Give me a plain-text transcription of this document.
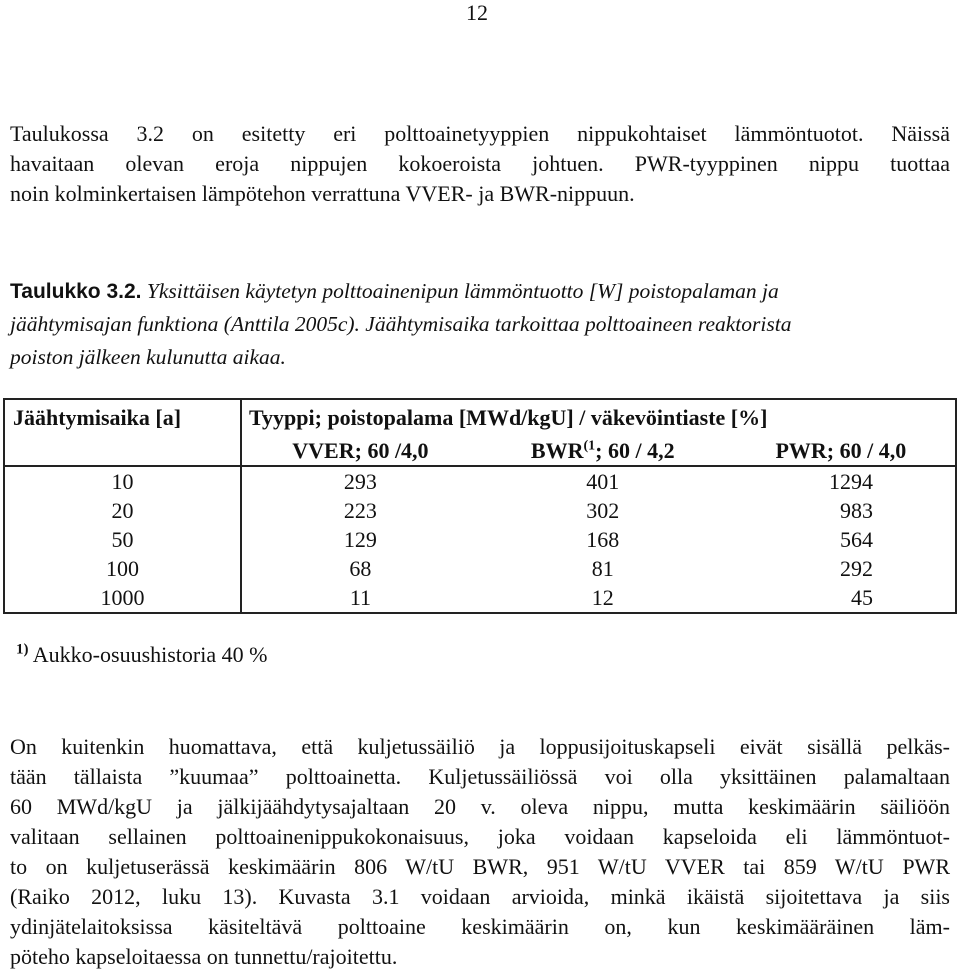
12
Taulukossa 3.2 on esitetty eri polttoainetyyppien nippukohtaiset lämmöntuotot. Näissä
havaitaan olevan eroja nippujen kokoeroista johtuen. PWR-tyyppinen nippu tuottaa
noin kolminkertaisen lämpötehon verrattuna VVER- ja BWR-nippuun.
Taulukko 3.2. Yksittäisen käytetyn polttoainenipun lämmöntuotto [W] poistopalaman ja
jäähtymisajan funktiona (Anttila 2005c). Jäähtymisaika tarkoittaa polttoaineen reaktorista
poiston jälkeen kulunutta aikaa.
Jäähtymisaika [a]	Tyyppi; poistopalama [MWd/kgU] / väkevöintiaste [%]		
	VVER; 60 /4,0	BWR$^{(1}$; 60 / 4,2	PWR; 60 / 4,0
10	293	401	1294
20	223	302	983
50	129	168	564
100	68	81	292
1000	11	12	45
$^{1)}$ Aukko-osuushistoria 40 %
On kuitenkin huomattava, että kuljetussäiliö ja loppusijoituskapseli eivät sisällä pelkäs-
tään tällaista ”kuumaa” polttoainetta. Kuljetussäiliössä voi olla yksittäinen palamaltaan
60 MWd/kgU ja jälkijäähdytysajaltaan 20 v. oleva nippu, mutta keskimäärin säiliöön
valitaan sellainen polttoainenippukokonaisuus, joka voidaan kapseloida eli lämmöntuot-
to on kuljetuserässä keskimäärin 806 W/tU BWR, 951 W/tU VVER tai 859 W/tU PWR
(Raiko 2012, luku 13). Kuvasta 3.1 voidaan arvioida, minkä ikäistä sijoitettava ja siis
ydinjätelaitoksissa käsiteltävä polttoaine keskimäärin on, kun keskimääräinen läm-
pöteho kapseloitaessa on tunnettu/rajoitettu.
